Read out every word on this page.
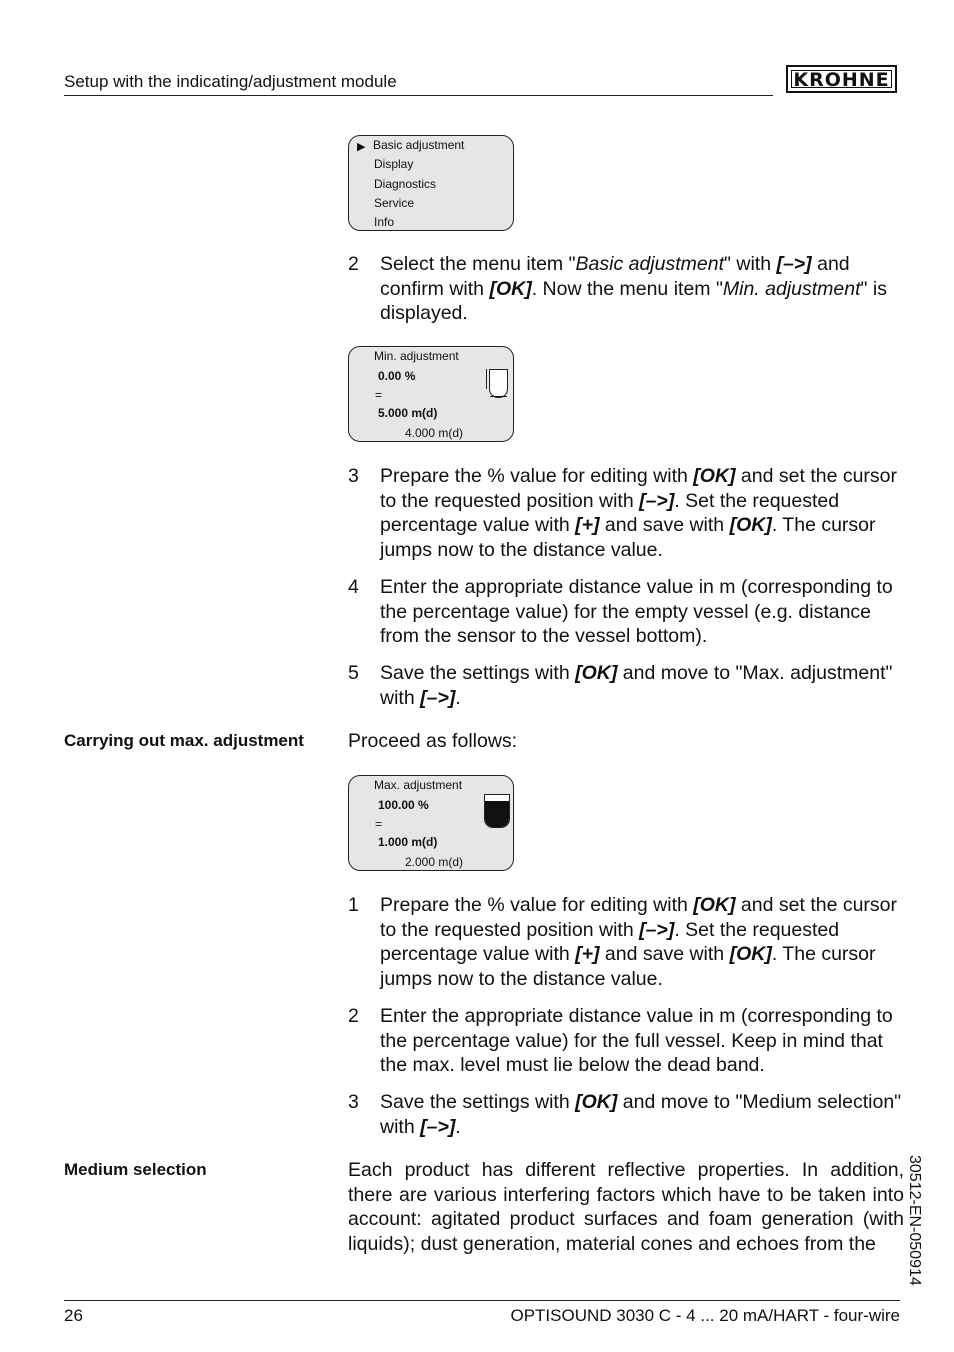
Setup with the indicating/adjustment module	KROHNE
▶ Basic adjustment
Display
Diagnostics
Service
Info
2 Select the menu item "Basic adjustment" with [–>] and confirm with [OK]. Now the menu item "Min. adjustment" is displayed.
Min. adjustment
0.00 %
=
5.000 m(d)
4.000 m(d)
3 Prepare the % value for editing with [OK] and set the cursor to the requested position with [–>]. Set the requested percentage value with [+] and save with [OK]. The cursor jumps now to the distance value.
4 Enter the appropriate distance value in m (corresponding to the percentage value) for the empty vessel (e.g. distance from the sensor to the vessel bottom).
5 Save the settings with [OK] and move to "Max. adjustment" with [–>].
Carrying out max. adjustment Proceed as follows:
Max. adjustment
100.00 %
=
1.000 m(d)
2.000 m(d)
1 Prepare the % value for editing with [OK] and set the cursor to the requested position with [–>]. Set the requested percentage value with [+] and save with [OK]. The cursor jumps now to the distance value.
2 Enter the appropriate distance value in m (corresponding to the percentage value) for the full vessel. Keep in mind that the max. level must lie below the dead band.
3 Save the settings with [OK] and move to "Medium selection" with [–>].
Medium selection	Each product has different reflective properties. In addition, there are various interfering factors which have to be taken into account: agitated product surfaces and foam generation (with liquids); dust generation, material cones and echoes from the	30512-EN-050914
26	OPTISOUND 3030 C - 4 ... 20 mA/HART - four-wire
